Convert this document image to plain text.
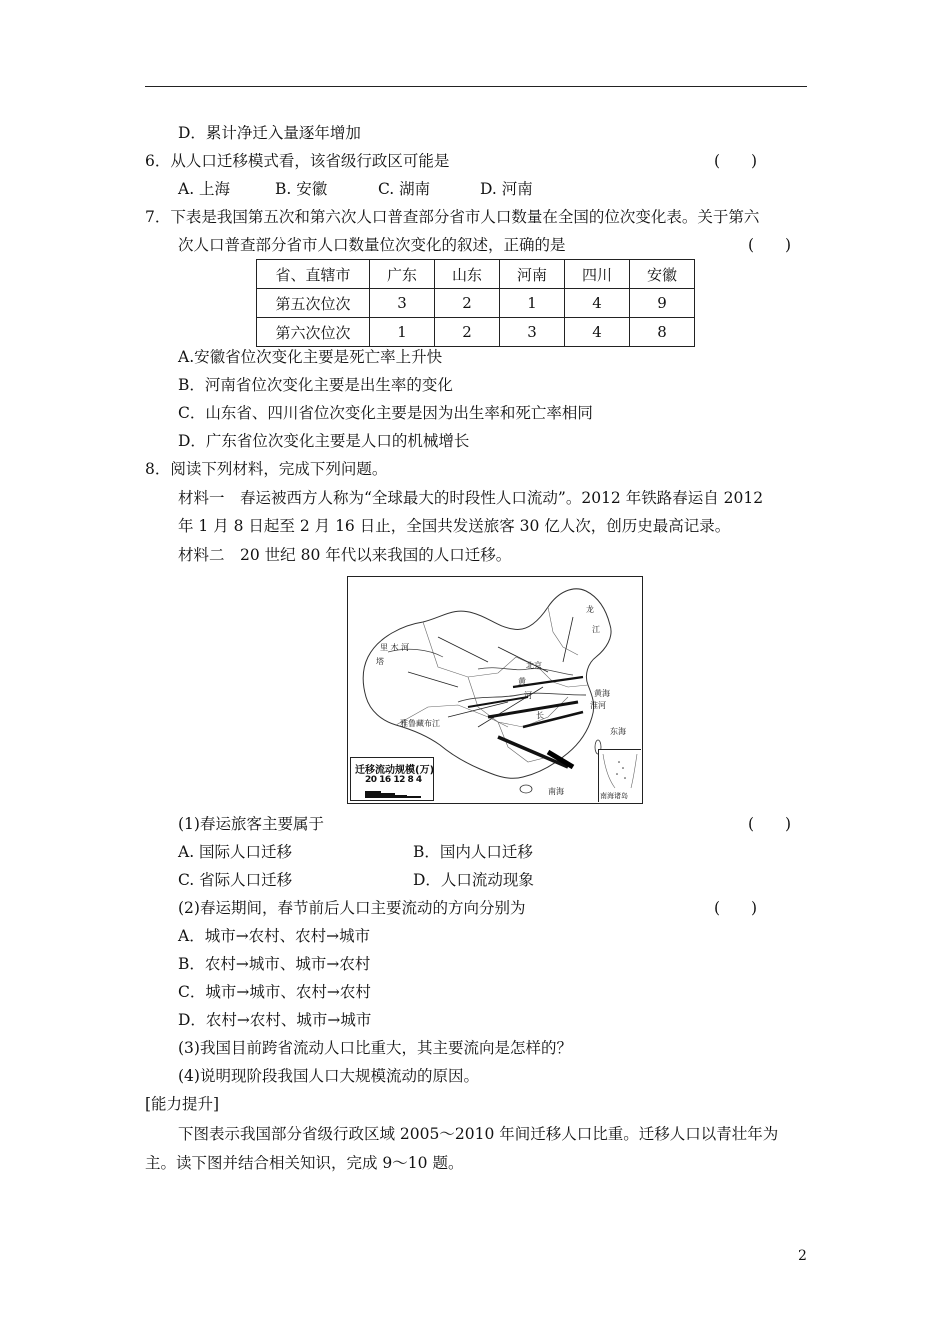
D．累计净迁入量逐年增加
6．从人口迁移模式看，该省级行政区可能是	(　　)
A. 上海	B. 安徽	C. 湖南	D. 河南
7．下表是我国第五次和第六次人口普查部分省市人口数量在全国的位次变化表。关于第六
次人口普查部分省市人口数量位次变化的叙述，正确的是	(　　)
省、直辖市	广东	山东	河南	四川	安徽
第五次位次	3	2	1	4	9
第六次位次	1	2	3	4	8
A.安徽省位次变化主要是死亡率上升快
B．河南省位次变化主要是出生率的变化
C．山东省、四川省位次变化主要是因为出生率和死亡率相同
D．广东省位次变化主要是人口的机械增长
8．阅读下列材料，完成下列问题。
材料一　春运被西方人称为“全球最大的时段性人口流动”。2012 年铁路春运自 2012
年 1 月 8 日起至 2 月 16 日止，全国共发送旅客 30 亿人次，创历史最高记录。
材料二　20 世纪 80 年代以来我国的人口迁移。
龙
江
里 木 河
塔	北京
黄
河	黄海
淮河
长
雅鲁藏布江
东海
南海
迁移流动规模(万)
20 16 12 8 4
南海诸岛
(1)春运旅客主要属于	(　　)
A. 国际人口迁移	B．国内人口迁移
C. 省际人口迁移	D．人口流动现象
(2)春运期间，春节前后人口主要流动的方向分别为	(　　)
A．城市→农村、农村→城市
B．农村→城市、城市→农村
C．城市→城市、农村→农村
D．农村→农村、城市→城市
(3)我国目前跨省流动人口比重大，其主要流向是怎样的？
(4)说明现阶段我国人口大规模流动的原因。
[能力提升]
下图表示我国部分省级行政区域 2005～2010 年间迁移人口比重。迁移人口以青壮年为
主。读下图并结合相关知识，完成 9～10 题。
2
